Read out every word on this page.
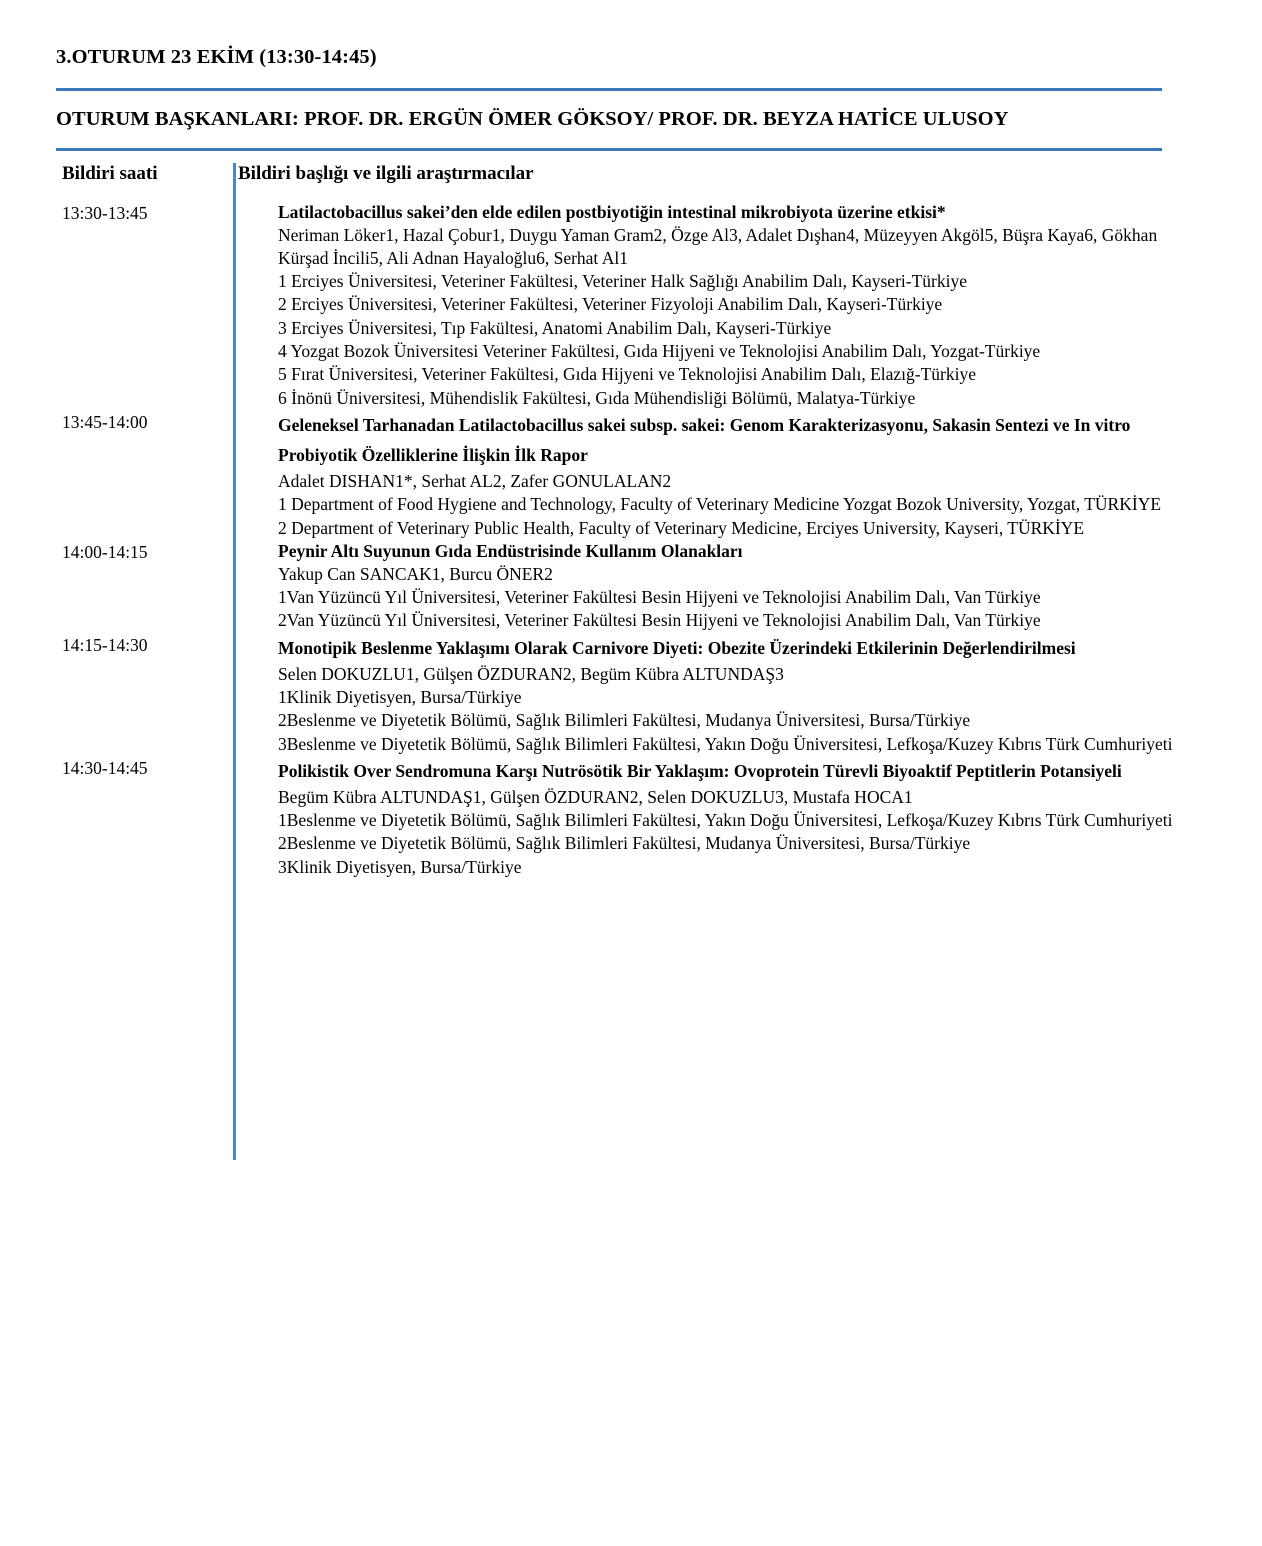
3.OTURUM 23 EKİM (13:30-14:45)
OTURUM BAŞKANLARI: PROF. DR. ERGÜN ÖMER GÖKSOY/ PROF. DR. BEYZA HATİCE ULUSOY
Bildiri saati	Bildiri başlığı ve ilgili araştırmacılar
13:30-13:45	Latilactobacillus sakei’den elde edilen postbiyotiğin intestinal mikrobiyota üzerine etkisi*
Neriman Löker1, Hazal Çobur1, Duygu Yaman Gram2, Özge Al3, Adalet Dışhan4, Müzeyyen Akgöl5, Büşra Kaya6, Gökhan Kürşad İncili5, Ali Adnan Hayaloğlu6, Serhat Al1
1 Erciyes Üniversitesi, Veteriner Fakültesi, Veteriner Halk Sağlığı Anabilim Dalı, Kayseri-Türkiye
2 Erciyes Üniversitesi, Veteriner Fakültesi, Veteriner Fizyoloji Anabilim Dalı, Kayseri-Türkiye
3 Erciyes Üniversitesi, Tıp Fakültesi, Anatomi Anabilim Dalı, Kayseri-Türkiye
4 Yozgat Bozok Üniversitesi Veteriner Fakültesi, Gıda Hijyeni ve Teknolojisi Anabilim Dalı, Yozgat-Türkiye
5 Fırat Üniversitesi, Veteriner Fakültesi, Gıda Hijyeni ve Teknolojisi Anabilim Dalı, Elazığ-Türkiye
6 İnönü Üniversitesi, Mühendislik Fakültesi, Gıda Mühendisliği Bölümü, Malatya-Türkiye
13:45-14:00	Geleneksel Tarhanadan Latilactobacillus sakei subsp. sakei: Genom Karakterizasyonu, Sakasin Sentezi ve In vitro Probiyotik Özelliklerine İlişkin İlk Rapor
Adalet DISHAN1*, Serhat AL2, Zafer GONULALAN2
1 Department of Food Hygiene and Technology, Faculty of Veterinary Medicine Yozgat Bozok University, Yozgat, TÜRKİYE
2 Department of Veterinary Public Health, Faculty of Veterinary Medicine, Erciyes University, Kayseri, TÜRKİYE
14:00-14:15	Peynir Altı Suyunun Gıda Endüstrisinde Kullanım Olanakları
Yakup Can SANCAK1, Burcu ÖNER2
1Van Yüzüncü Yıl Üniversitesi, Veteriner Fakültesi Besin Hijyeni ve Teknolojisi Anabilim Dalı, Van Türkiye
2Van Yüzüncü Yıl Üniversitesi, Veteriner Fakültesi Besin Hijyeni ve Teknolojisi Anabilim Dalı, Van Türkiye
14:15-14:30	Monotipik Beslenme Yaklaşımı Olarak Carnivore Diyeti: Obezite Üzerindeki Etkilerinin Değerlendirilmesi
Selen DOKUZLU1, Gülşen ÖZDURAN2, Begüm Kübra ALTUNDAŞ3
1Klinik Diyetisyen, Bursa/Türkiye
2Beslenme ve Diyetetik Bölümü, Sağlık Bilimleri Fakültesi, Mudanya Üniversitesi, Bursa/Türkiye
3Beslenme ve Diyetetik Bölümü, Sağlık Bilimleri Fakültesi, Yakın Doğu Üniversitesi, Lefkoşa/Kuzey Kıbrıs Türk Cumhuriyeti
14:30-14:45	Polikistik Over Sendromuna Karşı Nutrösötik Bir Yaklaşım: Ovoprotein Türevli Biyoaktif Peptitlerin Potansiyeli
Begüm Kübra ALTUNDAŞ1, Gülşen ÖZDURAN2, Selen DOKUZLU3, Mustafa HOCA1
1Beslenme ve Diyetetik Bölümü, Sağlık Bilimleri Fakültesi, Yakın Doğu Üniversitesi, Lefkoşa/Kuzey Kıbrıs Türk Cumhuriyeti
2Beslenme ve Diyetetik Bölümü, Sağlık Bilimleri Fakültesi, Mudanya Üniversitesi, Bursa/Türkiye
3Klinik Diyetisyen, Bursa/Türkiye
